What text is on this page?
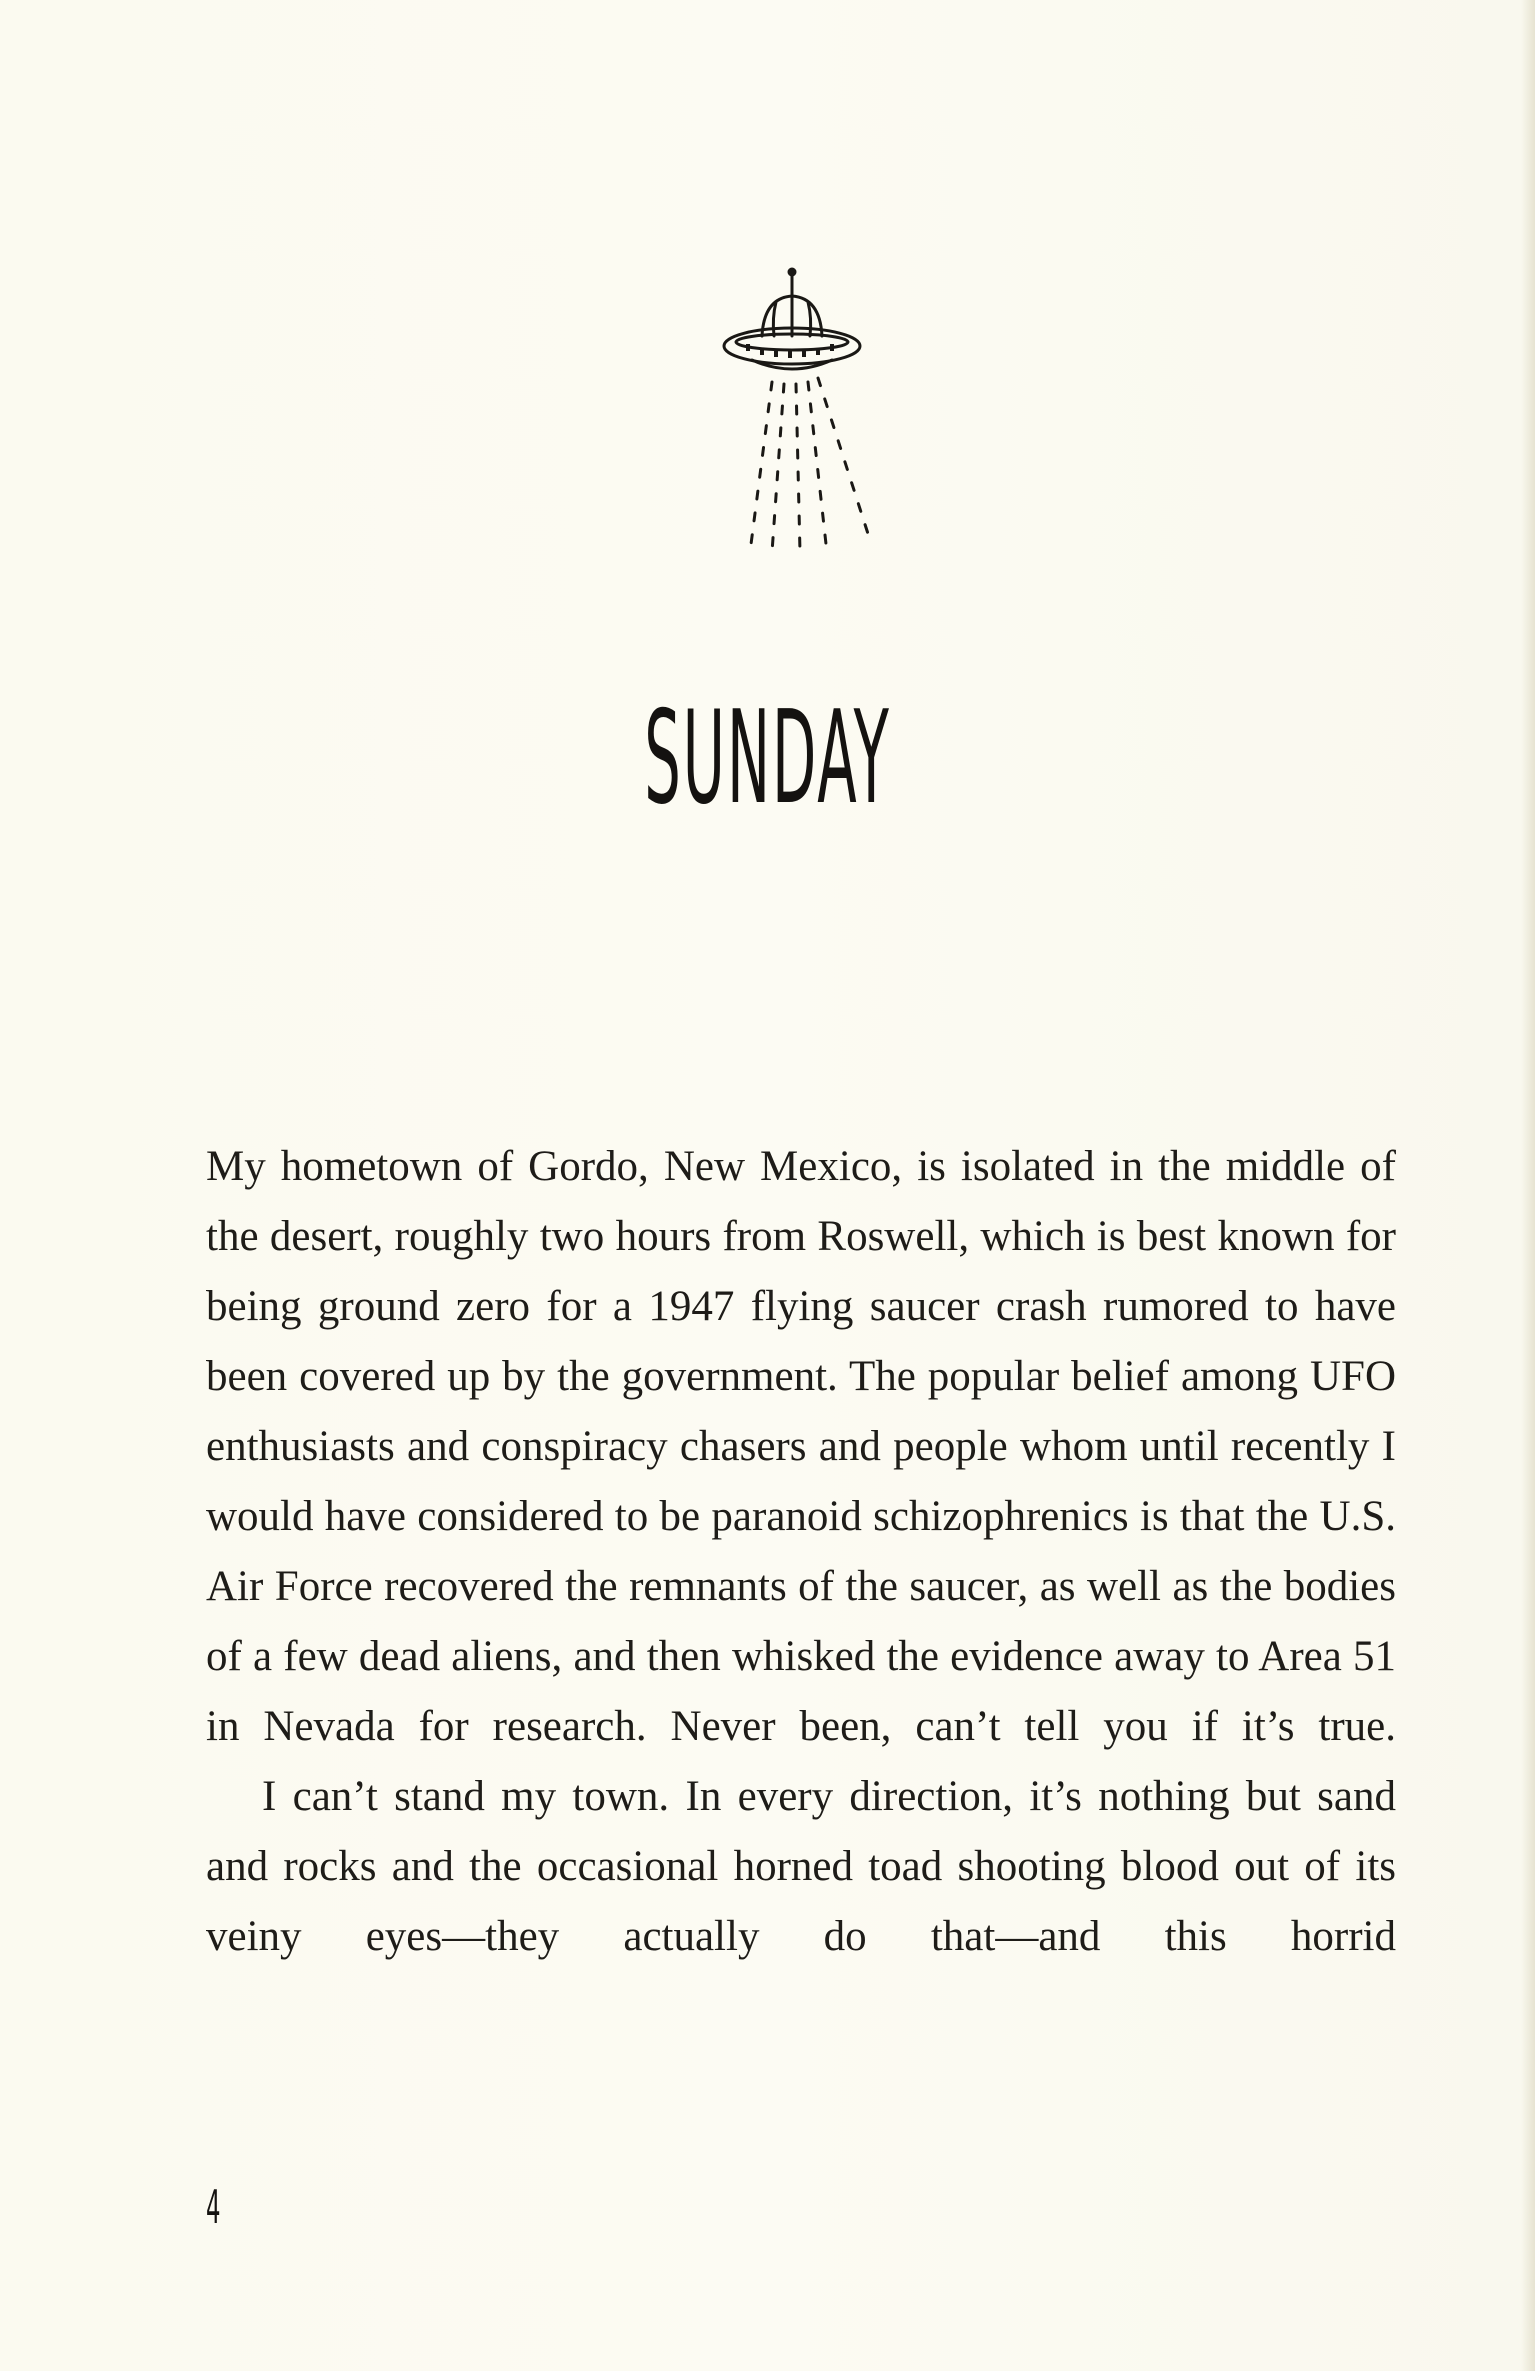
SUNDAY

My hometown of Gordo, New Mexico, is isolated in the middle of the desert, roughly two hours from Roswell, which is best known for being ground zero for a 1947 flying saucer crash rumored to have been covered up by the government. The popular belief among UFO enthusiasts and conspiracy chasers and people whom until recently I would have considered to be paranoid schizophrenics is that the U.S. Air Force recovered the remnants of the saucer, as well as the bodies of a few dead aliens, and then whisked the evidence away to Area 51 in Nevada for research. Never been, can’t tell you if it’s true.

I can’t stand my town. In every direction, it’s nothing but sand and rocks and the occasional horned toad shooting blood out of its veiny eyes—they actually do that—and this horrid

4
